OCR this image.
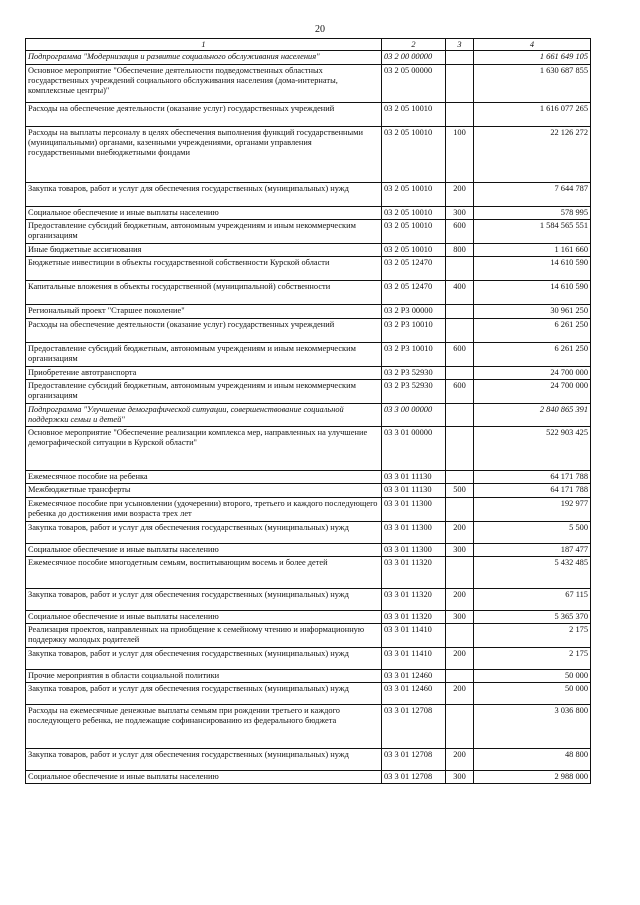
20
1	2	3	4
Подпрограмма "Модернизация и развитие социального обслуживания населения"	03 2 00 00000		1 661 649 105
Основное мероприятие "Обеспечение деятельности подведомственных областных государственных учреждений социального обслуживания населения (дома-интернаты, комплексные центры)"	03 2 05 00000		1 630 687 855
Расходы на обеспечение деятельности (оказание услуг) государственных учреждений	03 2 05 10010		1 616 077 265
Расходы на выплаты персоналу в целях обеспечения выполнения функций государственными (муниципальными) органами, казенными учреждениями, органами управления государственными внебюджетными фондами	03 2 05 10010	100	22 126 272
Закупка товаров, работ и услуг для обеспечения государственных (муниципальных) нужд	03 2 05 10010	200	7 644 787
Социальное обеспечение и иные выплаты населению	03 2 05 10010	300	578 995
Предоставление субсидий бюджетным, автономным учреждениям и иным некоммерческим организациям	03 2 05 10010	600	1 584 565 551
Иные бюджетные ассигнования	03 2 05 10010	800	1 161 660
Бюджетные инвестиции в объекты государственной собственности Курской области	03 2 05 12470		14 610 590
Капитальные вложения в объекты государственной (муниципальной) собственности	03 2 05 12470	400	14 610 590
Региональный проект "Старшее поколение"	03 2 P3 00000		30 961 250
Расходы на обеспечение деятельности (оказание услуг) государственных учреждений	03 2 P3 10010		6 261 250
Предоставление субсидий бюджетным, автономным учреждениям и иным некоммерческим организациям	03 2 P3 10010	600	6 261 250
Приобретение автотранспорта	03 2 P3 52930		24 700 000
Предоставление субсидий бюджетным, автономным учреждениям и иным некоммерческим организациям	03 2 P3 52930	600	24 700 000
Подпрограмма "Улучшение демографической ситуации, совершенствование социальной поддержки семьи и детей"	03 3 00 00000		2 840 865 391
Основное мероприятие "Обеспечение реализации комплекса мер, направленных на улучшение демографической ситуации в Курской области"	03 3 01 00000		522 903 425
Ежемесячное пособие на ребенка	03 3 01 11130		64 171 788
Межбюджетные трансферты	03 3 01 11130	500	64 171 788
Ежемесячное пособие при усыновлении (удочерении) второго, третьего и каждого последующего ребенка до достижения ими возраста трех лет	03 3 01 11300		192 977
Закупка товаров, работ и услуг для обеспечения государственных (муниципальных) нужд	03 3 01 11300	200	5 500
Социальное обеспечение и иные выплаты населению	03 3 01 11300	300	187 477
Ежемесячное пособие многодетным семьям, воспитывающим восемь и более детей	03 3 01 11320		5 432 485
Закупка товаров, работ и услуг для обеспечения государственных (муниципальных) нужд	03 3 01 11320	200	67 115
Социальное обеспечение и иные выплаты населению	03 3 01 11320	300	5 365 370
Реализация проектов, направленных на приобщение к семейному чтению и информационную поддержку молодых родителей	03 3 01 11410		2 175
Закупка товаров, работ и услуг для обеспечения государственных (муниципальных) нужд	03 3 01 11410	200	2 175
Прочие мероприятия в области социальной политики	03 3 01 12460		50 000
Закупка товаров, работ и услуг для обеспечения государственных (муниципальных) нужд	03 3 01 12460	200	50 000
Расходы на ежемесячные денежные выплаты семьям при рождении третьего и каждого последующего ребенка, не подлежащие софинансированию из федерального бюджета	03 3 01 12708		3 036 800
Закупка товаров, работ и услуг для обеспечения государственных (муниципальных) нужд	03 3 01 12708	200	48 800
Социальное обеспечение и иные выплаты населению	03 3 01 12708	300	2 988 000
